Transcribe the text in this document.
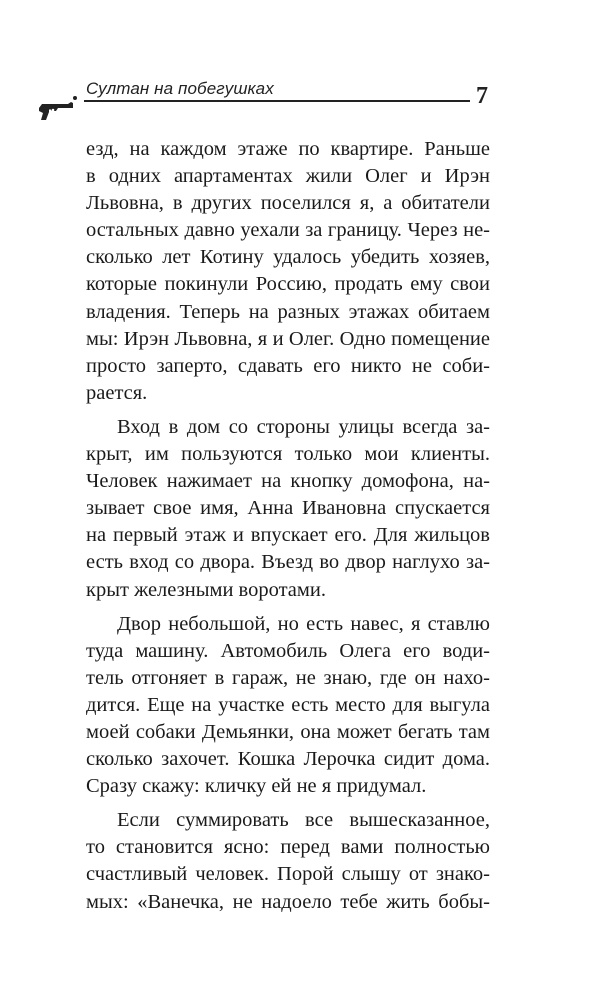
Султан на побегушках	7
езд, на каждом этаже по квартире. Раньше
в одних апартаментах жили Олег и Ирэн
Львовна, в других поселился я, а обитатели
остальных давно уехали за границу. Через не-
сколько лет Котину удалось убедить хозяев,
которые покинули Россию, продать ему свои
владения. Теперь на разных этажах обитаем
мы: Ирэн Львовна, я и Олег. Одно помещение
просто заперто, сдавать его никто не соби-
рается.
Вход в дом со стороны улицы всегда за-
крыт, им пользуются только мои клиенты.
Человек нажимает на кнопку домофона, на-
зывает свое имя, Анна Ивановна спускается
на первый этаж и впускает его. Для жильцов
есть вход со двора. Въезд во двор наглухо за-
крыт железными воротами.
Двор небольшой, но есть навес, я ставлю
туда машину. Автомобиль Олега его води-
тель отгоняет в гараж, не знаю, где он нахо-
дится. Еще на участке есть место для выгула
моей собаки Демьянки, она может бегать там
сколько захочет. Кошка Лерочка сидит дома.
Сразу скажу: кличку ей не я придумал.
Если суммировать все вышесказанное,
то становится ясно: перед вами полностью
счастливый человек. Порой слышу от знако-
мых: «Ванечка, не надоело тебе жить бобы-
